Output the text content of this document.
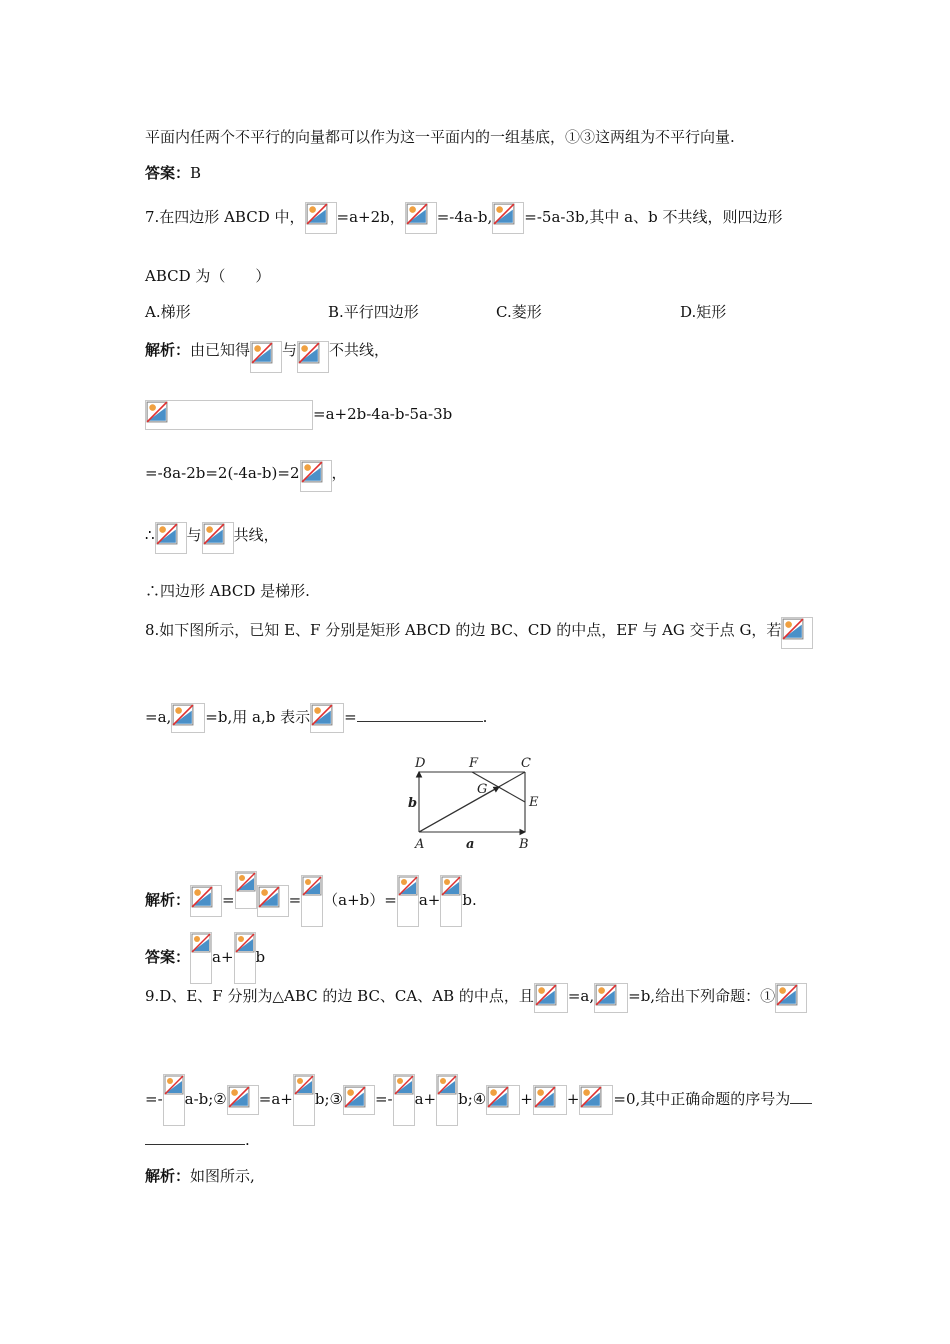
平面内任两个不平行的向量都可以作为这一平面内的一组基底，①③这两组为不平行向量.
答案：B
7.在四边形 ABCD 中， =a+2b， =-4a-b, =-5a-3b,其中 a、b 不共线，则四边形
ABCD 为（　　）
A.梯形	B.平行四边形	C.菱形	D.矩形
解析：由已知得 与 不共线，
=a+2b-4a-b-5a-3b
=-8a-2b=2(-4a-b)=2 ，
∴ 与 共线，
∴四边形 ABCD 是梯形.
8.如下图所示，已知 E、F 分别是矩形 ABCD 的边 BC、CD 的中点，EF 与 AG 交于点 G，若
=a, =b,用 a,b 表示 =	.
D	F	C
G
E
b
A	a	B
解析： =	= （a+b）= a+ b.
答案： a+ b
9.D、E、F 分别为△ABC 的边 BC、CA、AB 的中点，且 =a, =b,给出下列命题：①
=- a-b;② =a+ b;③ =- a+ b;④ + + =0,其中正确命题的序号为
.
解析：如图所示,
